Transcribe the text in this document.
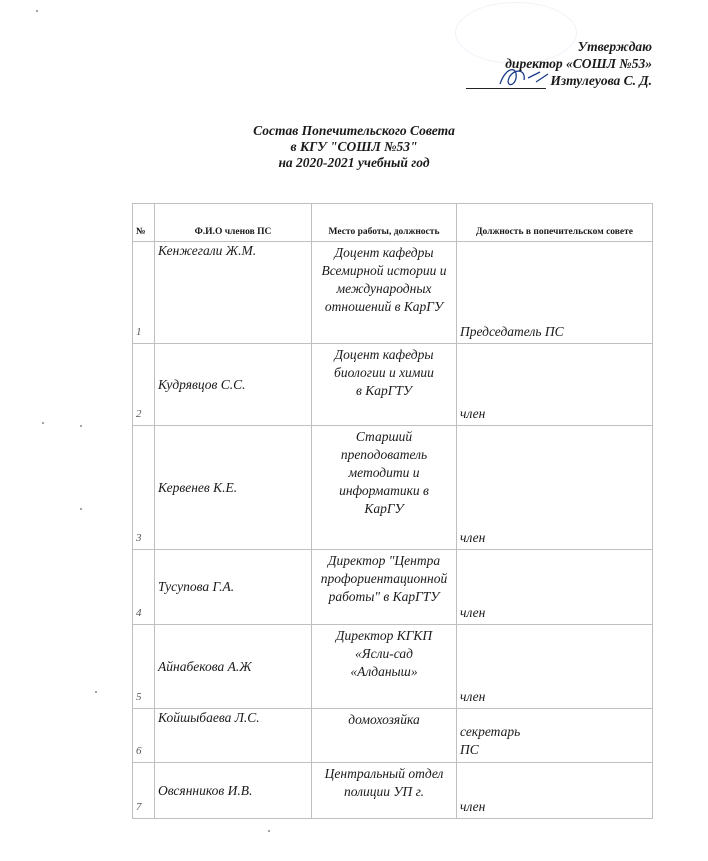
Утверждаю
директор «СОШЛ №53»
Изтулеуова С. Д.
Состав Попечительского Совета
в КГУ "СОШЛ №53"
на 2020-2021 учебный год
№	Ф.И.О членов ПС	Место работы, должность	Должность в попечительском совете
1	Кенжегали Ж.М.	Доцент кафедры
Всемирной истории и
международных
отношений в КарГУ	Председатель ПС
2	Кудрявцов С.С.	Доцент кафедры
биологии и химии
в КарГТУ	член
3	Кервенев К.Е.	Старший
преподователь
методити и
информатики в
КарГУ	член
4	Тусупова Г.А.	Директор "Центра
профориентационной
работы" в КарГТУ	член
5	Айнабекова А.Ж	Директор КГКП
«Ясли-сад
«Алданыш»	член
6	Койшыбаева Л.С.	домохозяйка	секретарь
ПС

7	Овсянников И.В.	Центральный отдел
полиции УП г.	член
